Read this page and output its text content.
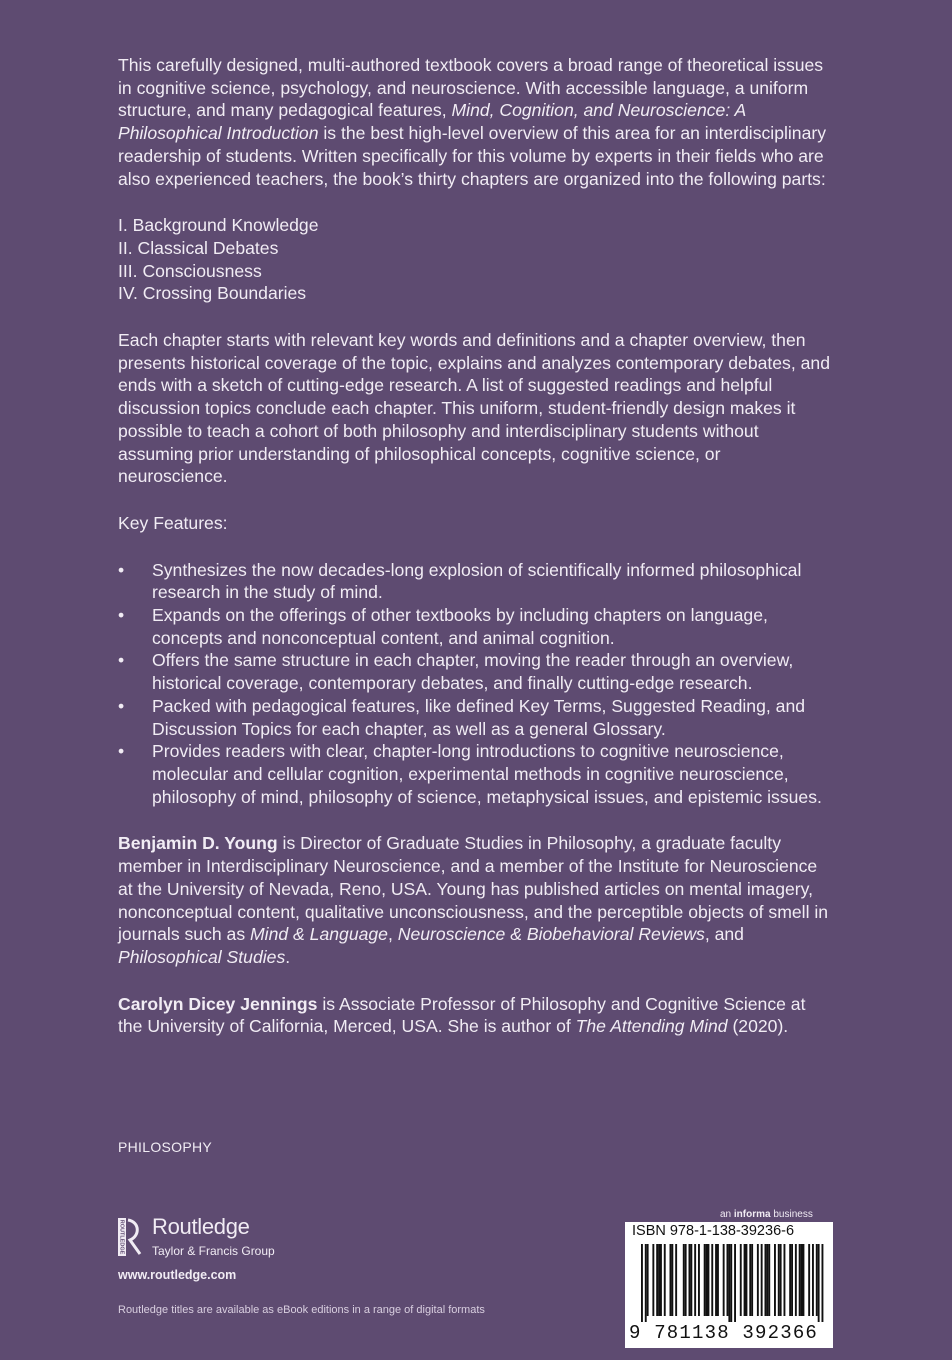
This carefully designed, multi-authored textbook covers a broad range of theoretical issues in cognitive science, psychology, and neuroscience. With accessible language, a uniform structure, and many pedagogical features, Mind, Cognition, and Neuroscience: A Philosophical Introduction is the best high-level overview of this area for an interdisciplinary readership of students. Written specifically for this volume by experts in their fields who are also experienced teachers, the book’s thirty chapters are organized into the following parts:

I. Background Knowledge
II. Classical Debates
III. Consciousness
IV. Crossing Boundaries

Each chapter starts with relevant key words and definitions and a chapter overview, then presents historical coverage of the topic, explains and analyzes contemporary debates, and ends with a sketch of cutting-edge research. A list of suggested readings and helpful discussion topics conclude each chapter. This uniform, student-friendly design makes it possible to teach a cohort of both philosophy and interdisciplinary students without assuming prior understanding of philosophical concepts, cognitive science, or neuroscience.

Key Features:

• Synthesizes the now decades-long explosion of scientifically informed philosophical research in the study of mind.
• Expands on the offerings of other textbooks by including chapters on language, concepts and nonconceptual content, and animal cognition.
• Offers the same structure in each chapter, moving the reader through an overview, historical coverage, contemporary debates, and finally cutting-edge research.
• Packed with pedagogical features, like defined Key Terms, Suggested Reading, and Discussion Topics for each chapter, as well as a general Glossary.
• Provides readers with clear, chapter-long introductions to cognitive neuroscience, molecular and cellular cognition, experimental methods in cognitive neuroscience, philosophy of mind, philosophy of science, metaphysical issues, and epistemic issues.

Benjamin D. Young is Director of Graduate Studies in Philosophy, a graduate faculty member in Interdisciplinary Neuroscience, and a member of the Institute for Neuroscience at the University of Nevada, Reno, USA. Young has published articles on mental imagery, nonconceptual content, qualitative unconsciousness, and the perceptible objects of smell in journals such as Mind & Language, Neuroscience & Biobehavioral Reviews, and Philosophical Studies.

Carolyn Dicey Jennings is Associate Professor of Philosophy and Cognitive Science at the University of California, Merced, USA. She is author of The Attending Mind (2020).

PHILOSOPHY
ROUTLEDGE Routledge
Taylor & Francis Group
www.routledge.com
Routledge titles are available as eBook editions in a range of digital formats
an informa business
ISBN 978-1-138-39236-6
9 781138 392366
